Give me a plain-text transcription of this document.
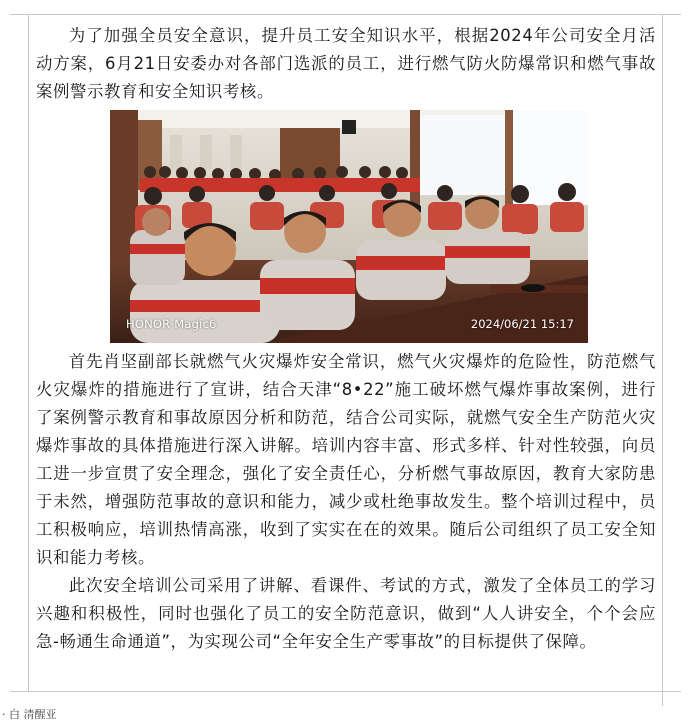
为了加强全员安全意识，提升员工安全知识水平，根据2024年公司安全月活动方案，6月21日安委办对各部门选派的员工，进行燃气防火防爆常识和燃气事故案例警示教育和安全知识考核。

HONOR Magic6	2024/06/21 15:17

首先肖坚副部长就燃气火灾爆炸安全常识，燃气火灾爆炸的危险性，防范燃气火灾爆炸的措施进行了宣讲，结合天津“8•22”施工破坏燃气爆炸事故案例，进行了案例警示教育和事故原因分析和防范，结合公司实际，就燃气安全生产防范火灾爆炸事故的具体措施进行深入讲解。培训内容丰富、形式多样、针对性较强，向员工进一步宣贯了安全理念，强化了安全责任心，分析燃气事故原因，教育大家防患于未然，增强防范事故的意识和能力，减少或杜绝事故发生。整个培训过程中，员工积极响应，培训热情高涨，收到了实实在在的效果。随后公司组织了员工安全知识和能力考核。

此次安全培训公司采用了讲解、看课件、考试的方式，激发了全体员工的学习兴趣和积极性，同时也强化了员工的安全防范意识，做到“人人讲安全，个个会应急-畅通生命通道”，为实现公司“全年安全生产零事故”的目标提供了保障。

· 白 清醒亚
